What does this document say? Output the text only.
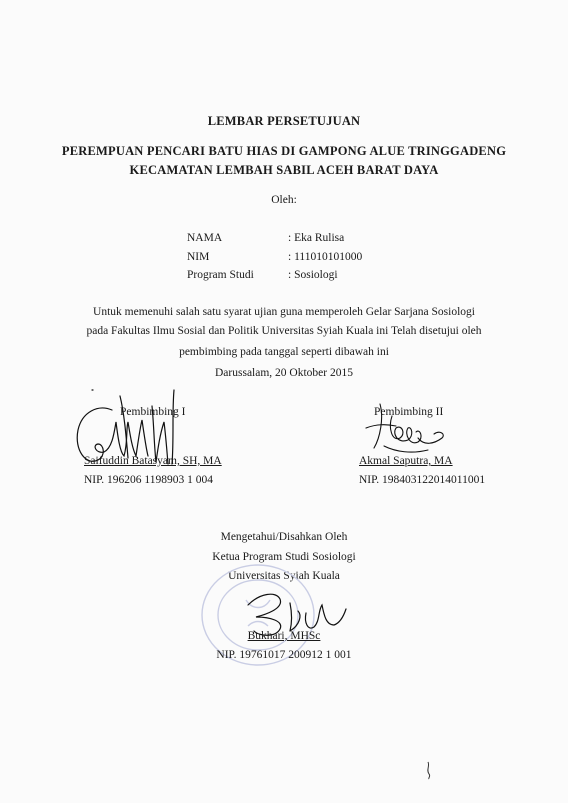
LEMBAR PERSETUJUAN
PEREMPUAN PENCARI BATU HIAS DI GAMPONG ALUE TRINGGADENG
KECAMATAN LEMBAH SABIL ACEH BARAT DAYA
Oleh:
NAMA	: Eka Rulisa
NIM	: 111010101000
Program Studi	: Sosiologi
Untuk memenuhi salah satu syarat ujian guna memperoleh Gelar Sarjana Sosiologi
pada Fakultas Ilmu Sosial dan Politik Universitas Syiah Kuala ini Telah disetujui oleh
pembimbing pada tanggal seperti dibawah ini
Darussalam, 20 Oktober 2015
Pembimbing I
Saifuddin Batasyam, SH, MA
NIP. 196206 1198903 1 004
Pembimbing II
Akmal Saputra, MA
NIP. 198403122014011001
Mengetahui/Disahkan Oleh
Ketua Program Studi Sosiologi
Universitas Syiah Kuala
Bukhari, MHSc
NIP. 19761017 200912 1 001
